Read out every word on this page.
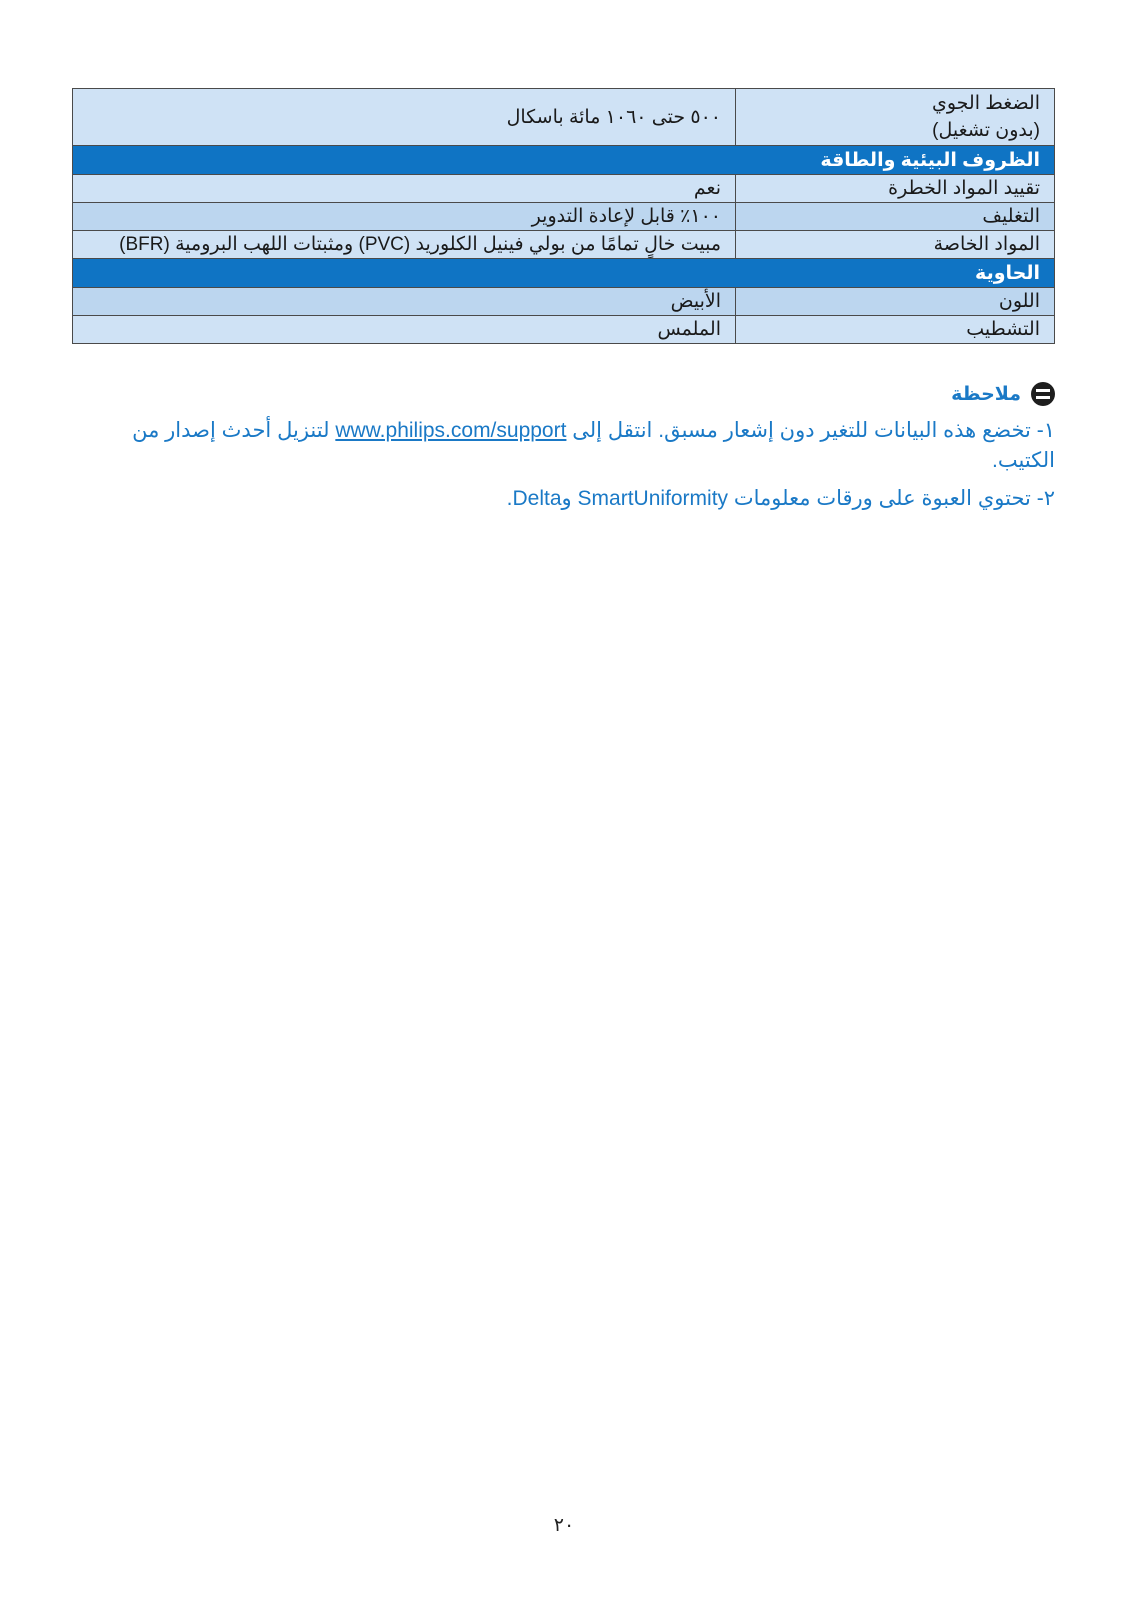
الضغط الجوي
(بدون تشغيل)	٥٠٠ حتى ١٠٦٠ مائة باسكال
الظروف البيئية والطاقة	
تقييد المواد الخطرة	نعم
التغليف	١٠٠٪ قابل لإعادة التدوير
المواد الخاصة	مبيت خالٍ تمامًا من بولي فينيل الكلوريد (PVC) ومثبتات اللهب البرومية (BFR)
الحاوية	
اللون	الأبيض
التشطيب	الملمس
ملاحظة
١- تخضع هذه البيانات للتغير دون إشعار مسبق. انتقل إلى www.philips.com/support لتنزيل أحدث إصدار من الكتيب.
٢- تحتوي العبوة على ورقات معلومات SmartUniformity وDelta.
٢٠
